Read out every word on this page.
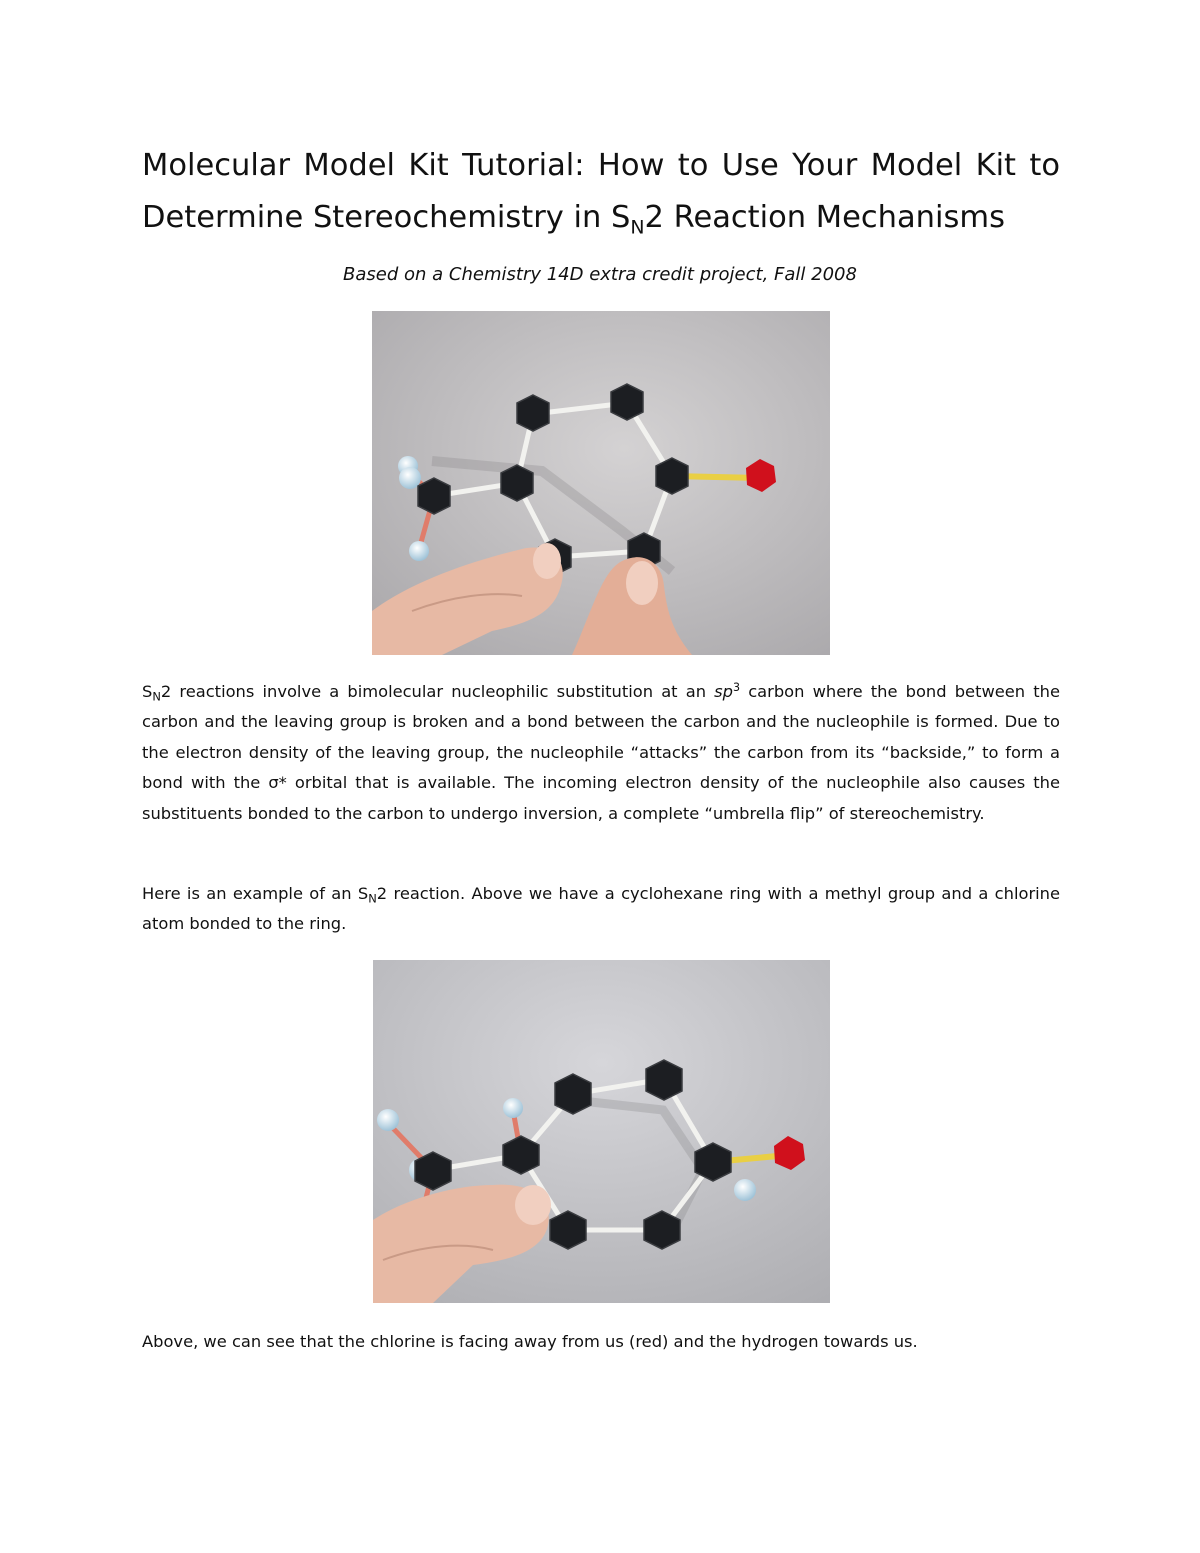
Molecular Model Kit Tutorial: How to Use Your Model Kit to
Determine Stereochemistry in $S_N2$ Reaction Mechanisms

Based on a Chemistry 14D extra credit project, Fall 2008

$S_N2$ reactions involve a bimolecular nucleophilic substitution at an $sp^3$ carbon where the bond between the carbon and the leaving group is broken and a bond between the carbon and the nucleophile is formed. Due to the electron density of the leaving group, the nucleophile “attacks” the carbon from its “backside,” to form a bond with the σ* orbital that is available. The incoming electron density of the nucleophile also causes the substituents bonded to the carbon to undergo inversion, a complete “umbrella flip” of stereochemistry.

Here is an example of an $S_N2$ reaction. Above we have a cyclohexane ring with a methyl group and a chlorine atom bonded to the ring.

Above, we can see that the chlorine is facing away from us (red) and the hydrogen towards us.
